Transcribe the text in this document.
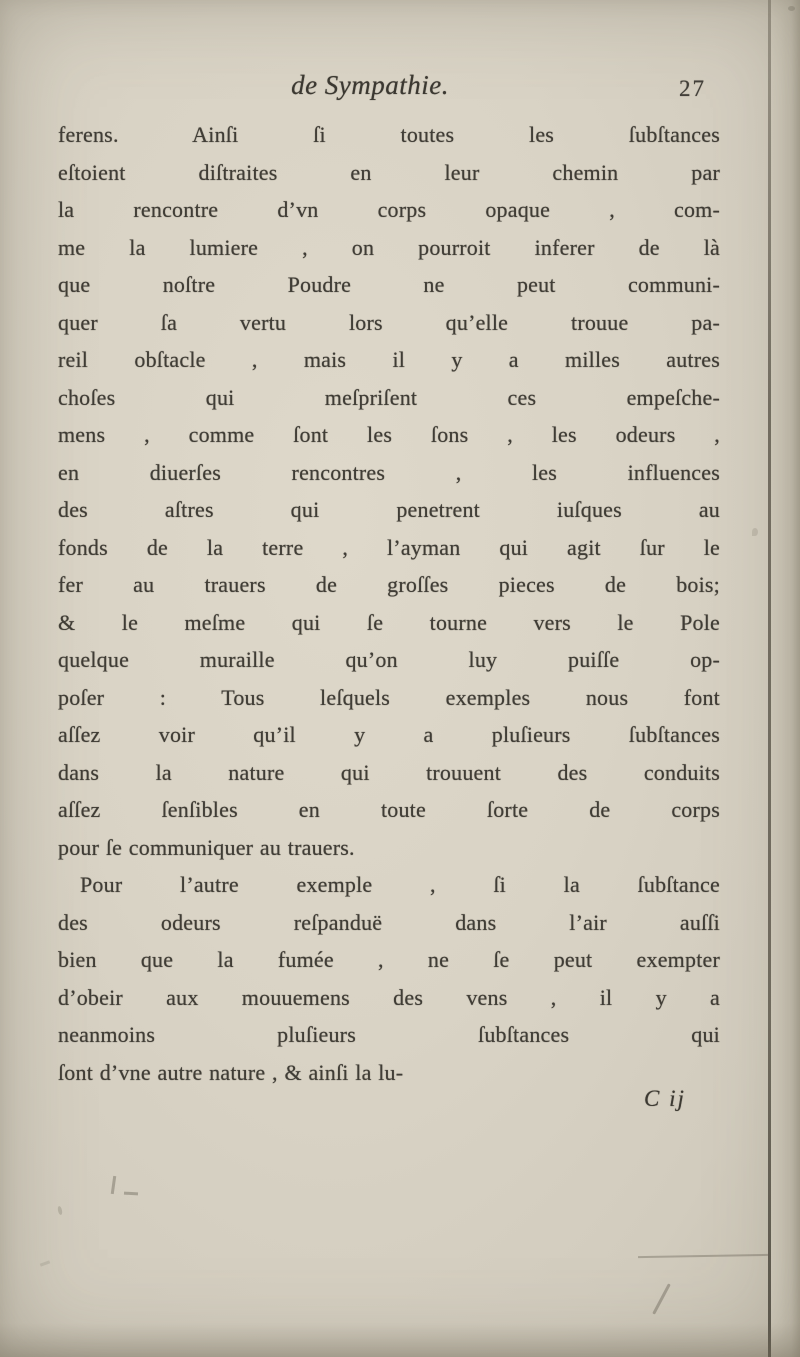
de Sympathie.	27
ferens. Ainſi ſi toutes les ſubſtances
eſtoient diſtraites en leur chemin par
la rencontre d’vn corps opaque , com-
me la lumiere , on pourroit inferer de là
que noſtre Poudre ne peut communi-
quer ſa vertu lors qu’elle trouue pa-
reil obſtacle , mais il y a milles autres
choſes qui meſpriſent ces empeſche-
mens , comme ſont les ſons , les odeurs ,
en diuerſes rencontres , les influences
des aſtres qui penetrent iuſques au
fonds de la terre , l’ayman qui agit ſur le
fer au trauers de groſſes pieces de bois;
& le meſme qui ſe tourne vers le Pole
quelque muraille qu’on luy puiſſe op-
poſer : Tous leſquels exemples nous font
aſſez voir qu’il y a pluſieurs ſubſtances
dans la nature qui trouuent des conduits
aſſez ſenſibles en toute ſorte de corps
pour ſe communiquer au trauers.
Pour l’autre exemple , ſi la ſubſtance
des odeurs reſpanduë dans l’air auſſi
bien que la fumée , ne ſe peut exempter
d’obeir aux mouuemens des vens , il y a
neanmoins pluſieurs ſubſtances qui
ſont d’vne autre nature , & ainſi la lu-
C ij
